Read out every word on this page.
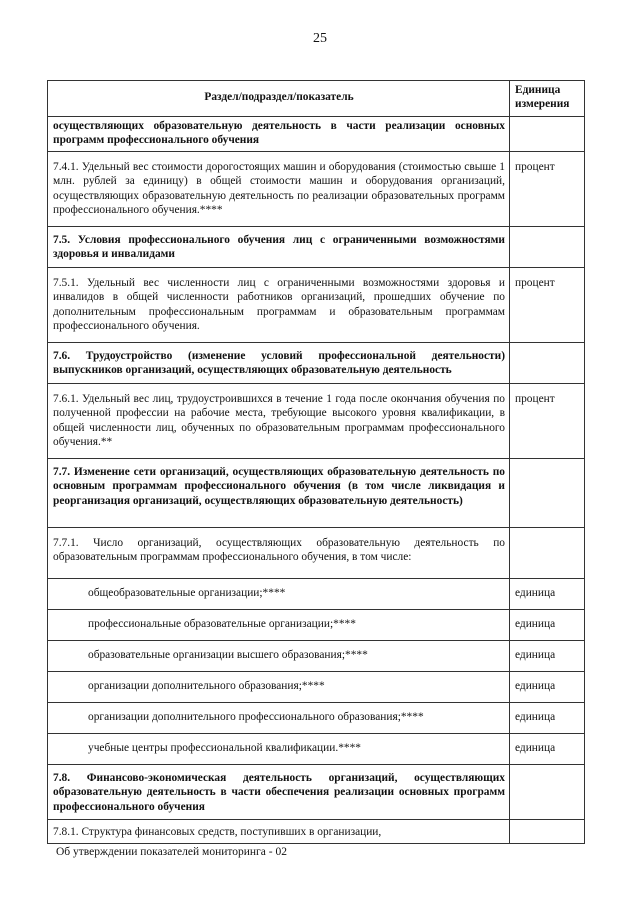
25
Раздел/подраздел/показатель	Единица измерения
осуществляющих образовательную деятельность в части реализации основных программ профессионального обучения	
7.4.1. Удельный вес стоимости дорогостоящих машин и оборудования (стоимостью свыше 1 млн. рублей за единицу) в общей стоимости машин и оборудования организаций, осуществляющих образовательную деятельность по реализации образовательных программ профессионального обучения.****	процент
7.5. Условия профессионального обучения лиц с ограниченными возможностями здоровья и инвалидами	
7.5.1. Удельный вес численности лиц с ограниченными возможностями здоровья и инвалидов в общей численности работников организаций, прошедших обучение по дополнительным профессиональным программам и образовательным программам профессионального обучения.	процент
7.6. Трудоустройство (изменение условий профессиональной деятельности) выпускников организаций, осуществляющих образовательную деятельность	
7.6.1. Удельный вес лиц, трудоустроившихся в течение 1 года после окончания обучения по полученной профессии на рабочие места, требующие высокого уровня квалификации, в общей численности лиц, обученных по образовательным программам профессионального обучения.**	процент
7.7. Изменение сети организаций, осуществляющих образовательную деятельность по основным программам профессионального обучения (в том числе ликвидация и реорганизация организаций, осуществляющих образовательную деятельность)	
7.7.1. Число организаций, осуществляющих образовательную деятельность по образовательным программам профессионального обучения, в том числе:	
общеобразовательные организации;****	единица
профессиональные образовательные организации;****	единица
образовательные организации высшего образования;****	единица
организации дополнительного образования;****	единица
организации дополнительного профессионального образования;****	единица
учебные центры профессиональной квалификации.****	единица
7.8. Финансово-экономическая деятельность организаций, осуществляющих образовательную деятельность в части обеспечения реализации основных программ профессионального обучения	
7.8.1. Структура финансовых средств, поступивших в организации,	
Об утверждении показателей мониторинга - 02
